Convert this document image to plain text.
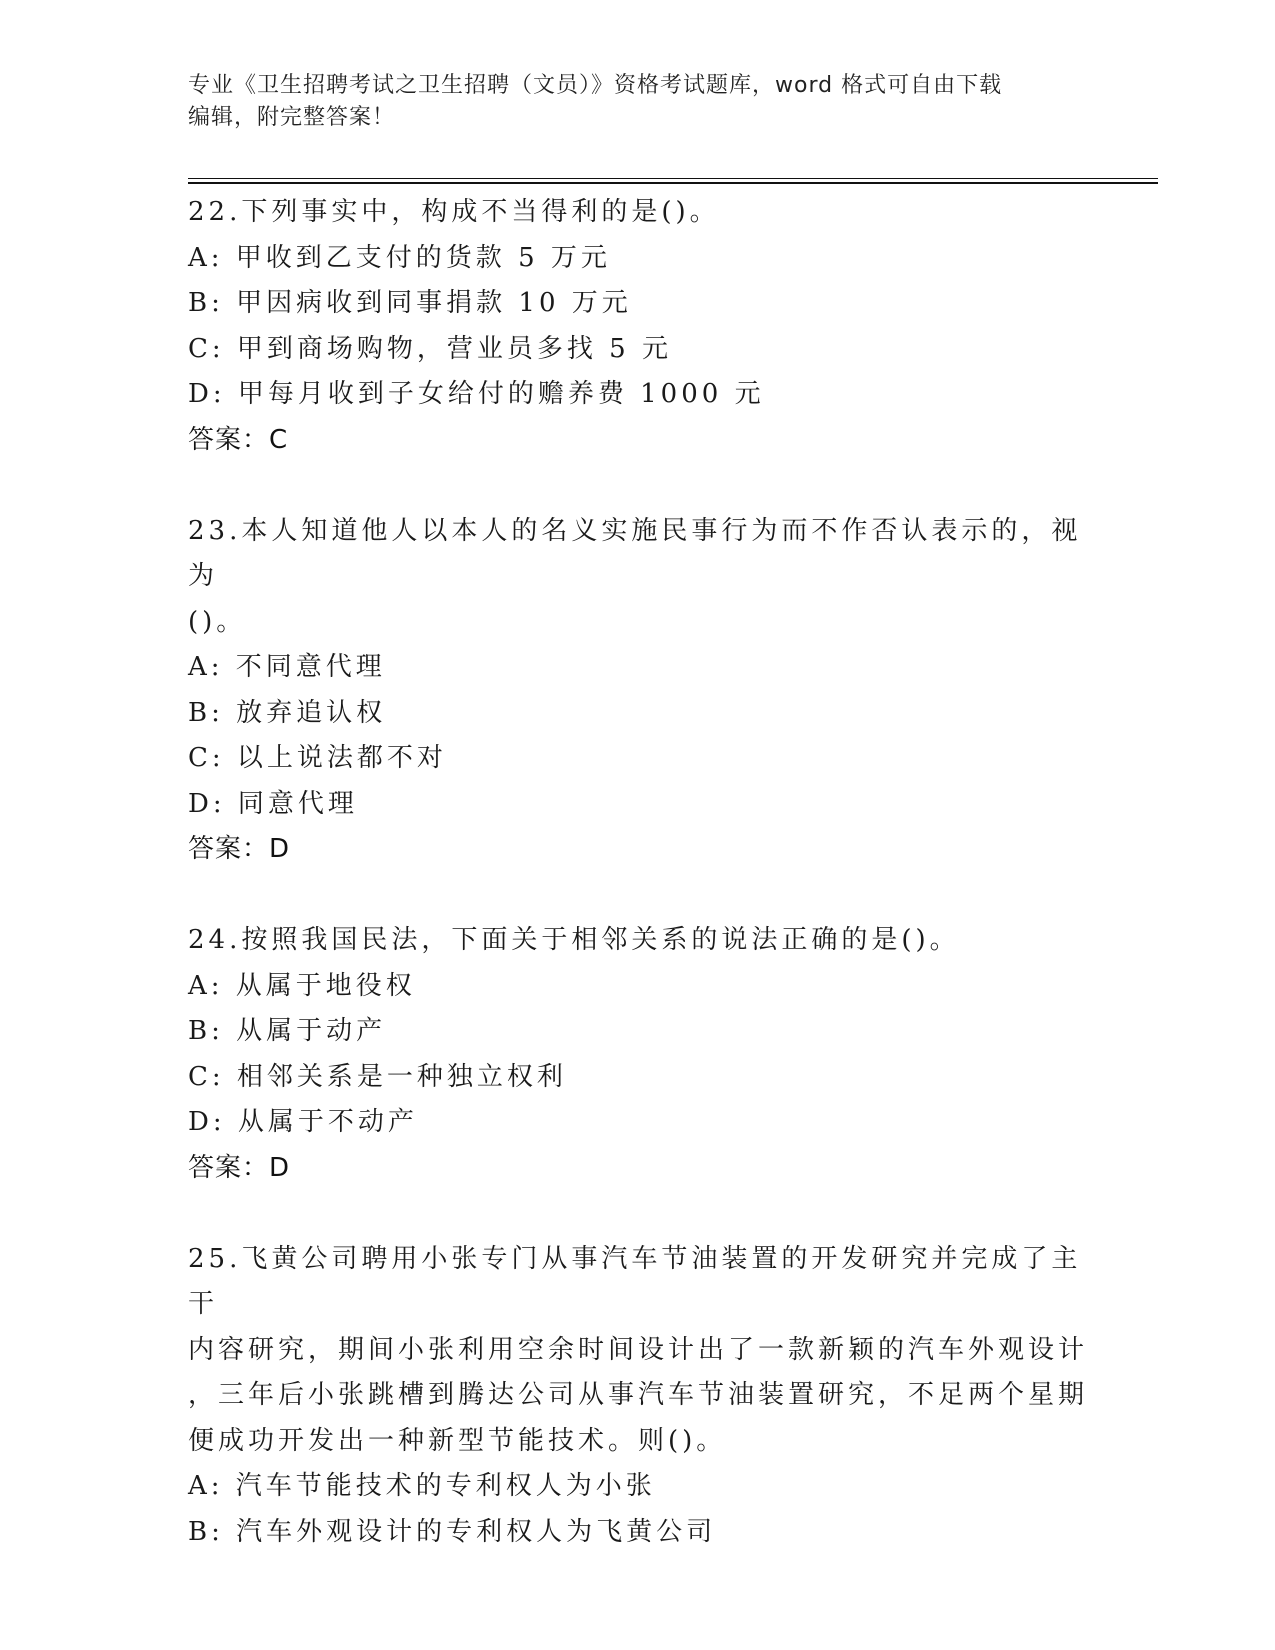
专业《卫生招聘考试之卫生招聘（文员）》资格考试题库，word 格式可自由下载
编辑，附完整答案！
22.下列事实中，构成不当得利的是()。
A: 甲收到乙支付的货款 5 万元
B: 甲因病收到同事捐款 10 万元
C: 甲到商场购物，营业员多找 5 元
D: 甲每月收到子女给付的赡养费 1000 元
答案：C
23.本人知道他人以本人的名义实施民事行为而不作否认表示的，视为
()。
A: 不同意代理
B: 放弃追认权
C: 以上说法都不对
D: 同意代理
答案：D
24.按照我国民法，下面关于相邻关系的说法正确的是()。
A: 从属于地役权
B: 从属于动产
C: 相邻关系是一种独立权利
D: 从属于不动产
答案：D
25.飞黄公司聘用小张专门从事汽车节油装置的开发研究并完成了主干
内容研究，期间小张利用空余时间设计出了一款新颖的汽车外观设计
，三年后小张跳槽到腾达公司从事汽车节油装置研究，不足两个星期
便成功开发出一种新型节能技术。则()。
A: 汽车节能技术的专利权人为小张
B: 汽车外观设计的专利权人为飞黄公司
